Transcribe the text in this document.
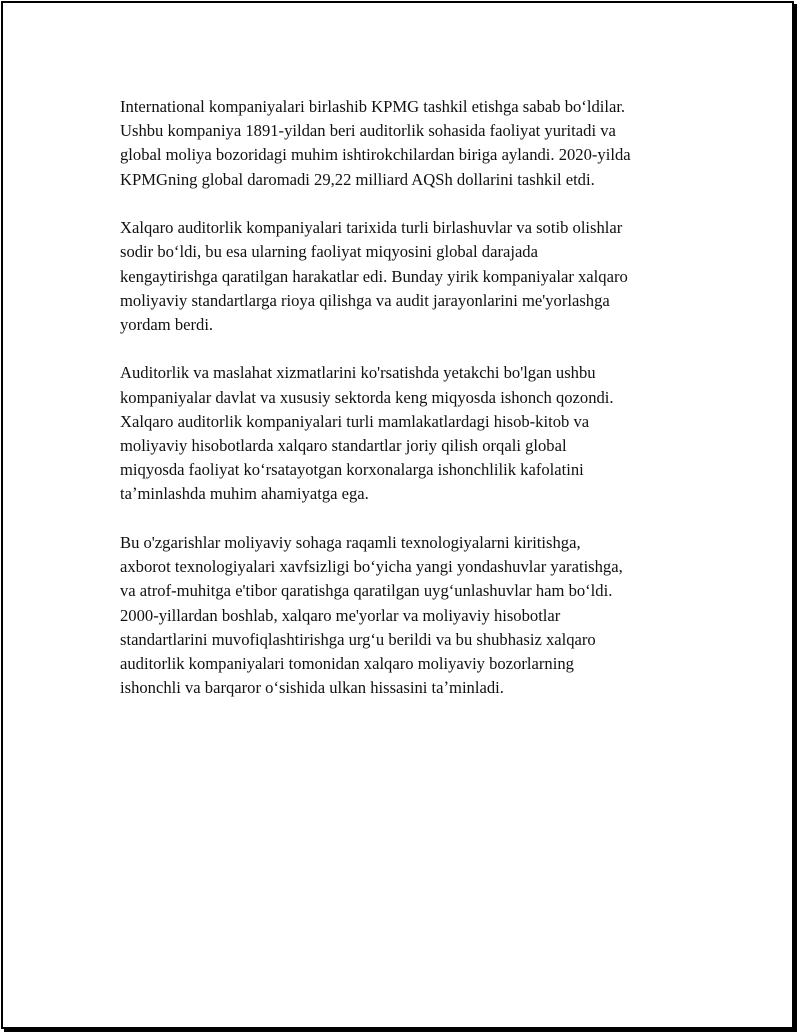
International kompaniyalari birlashib KPMG tashkil etishga sabab boʻldilar.
Ushbu kompaniya 1891-yildan beri auditorlik sohasida faoliyat yuritadi va
global moliya bozoridagi muhim ishtirokchilardan biriga aylandi. 2020-yilda
KPMGning global daromadi 29,22 milliard AQSh dollarini tashkil etdi.

Xalqaro auditorlik kompaniyalari tarixida turli birlashuvlar va sotib olishlar
sodir boʻldi, bu esa ularning faoliyat miqyosini global darajada
kengaytirishga qaratilgan harakatlar edi. Bunday yirik kompaniyalar xalqaro
moliyaviy standartlarga rioya qilishga va audit jarayonlarini me'yorlashga
yordam berdi.

Auditorlik va maslahat xizmatlarini ko'rsatishda yetakchi bo'lgan ushbu
kompaniyalar davlat va xususiy sektorda keng miqyosda ishonch qozondi.
Xalqaro auditorlik kompaniyalari turli mamlakatlardagi hisob-kitob va
moliyaviy hisobotlarda xalqaro standartlar joriy qilish orqali global
miqyosda faoliyat koʻrsatayotgan korxonalarga ishonchlilik kafolatini
taʼminlashda muhim ahamiyatga ega.

Bu o'zgarishlar moliyaviy sohaga raqamli texnologiyalarni kiritishga,
axborot texnologiyalari xavfsizligi boʻyicha yangi yondashuvlar yaratishga,
va atrof-muhitga e'tibor qaratishga qaratilgan uygʻunlashuvlar ham boʻldi.
2000-yillardan boshlab, xalqaro me'yorlar va moliyaviy hisobotlar
standartlarini muvofiqlashtirishga urgʻu berildi va bu shubhasiz xalqaro
auditorlik kompaniyalari tomonidan xalqaro moliyaviy bozorlarning
ishonchli va barqaror oʻsishida ulkan hissasini taʼminladi.
